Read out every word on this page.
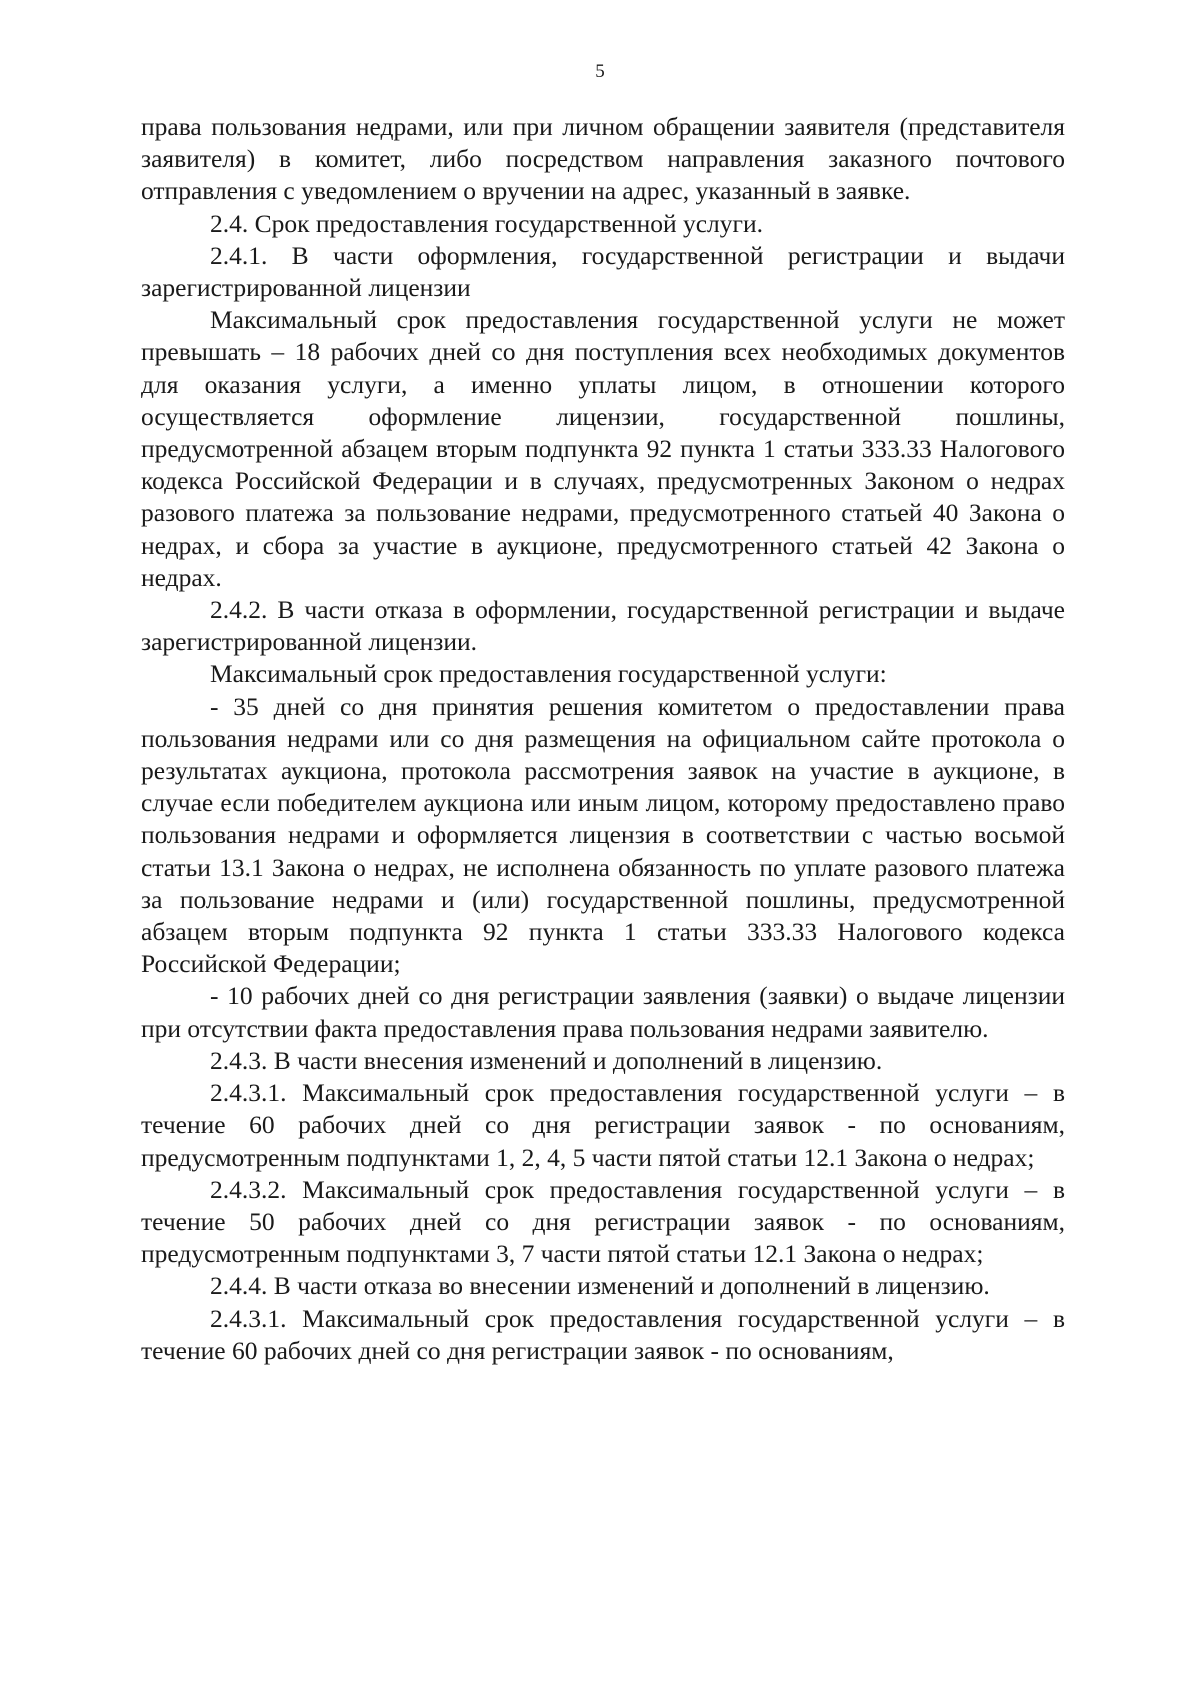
5

права пользования недрами, или при личном обращении заявителя (представителя заявителя) в комитет, либо посредством направления заказного почтового отправления с уведомлением о вручении на адрес, указанный в заявке.

2.4. Срок предоставления государственной услуги.

2.4.1. В части оформления, государственной регистрации и выдачи зарегистрированной лицензии

Максимальный срок предоставления государственной услуги не может превышать – 18 рабочих дней со дня поступления всех необходимых документов для оказания услуги, а именно уплаты лицом, в отношении которого осуществляется оформление лицензии, государственной пошлины, предусмотренной абзацем вторым подпункта 92 пункта 1 статьи 333.33 Налогового кодекса Российской Федерации и в случаях, предусмотренных Законом о недрах разового платежа за пользование недрами, предусмотренного статьей 40 Закона о недрах, и сбора за участие в аукционе, предусмотренного статьей 42 Закона о недрах.

2.4.2. В части отказа в оформлении, государственной регистрации и выдаче зарегистрированной лицензии.

Максимальный срок предоставления государственной услуги:

- 35 дней со дня принятия решения комитетом о предоставлении права пользования недрами или со дня размещения на официальном сайте протокола о результатах аукциона, протокола рассмотрения заявок на участие в аукционе, в случае если победителем аукциона или иным лицом, которому предоставлено право пользования недрами и оформляется лицензия в соответствии с частью восьмой статьи 13.1 Закона о недрах, не исполнена обязанность по уплате разового платежа за пользование недрами и (или) государственной пошлины, предусмотренной абзацем вторым подпункта 92 пункта 1 статьи 333.33 Налогового кодекса Российской Федерации;

- 10 рабочих дней со дня регистрации заявления (заявки) о выдаче лицензии при отсутствии факта предоставления права пользования недрами заявителю.

2.4.3. В части внесения изменений и дополнений в лицензию.

2.4.3.1. Максимальный срок предоставления государственной услуги – в течение 60 рабочих дней со дня регистрации заявок - по основаниям, предусмотренным подпунктами 1, 2, 4, 5 части пятой статьи 12.1 Закона о недрах;

2.4.3.2. Максимальный срок предоставления государственной услуги – в течение 50 рабочих дней со дня регистрации заявок - по основаниям, предусмотренным подпунктами 3, 7 части пятой статьи 12.1 Закона о недрах;

2.4.4. В части отказа во внесении изменений и дополнений в лицензию.

2.4.3.1. Максимальный срок предоставления государственной услуги – в течение 60 рабочих дней со дня регистрации заявок - по основаниям,
